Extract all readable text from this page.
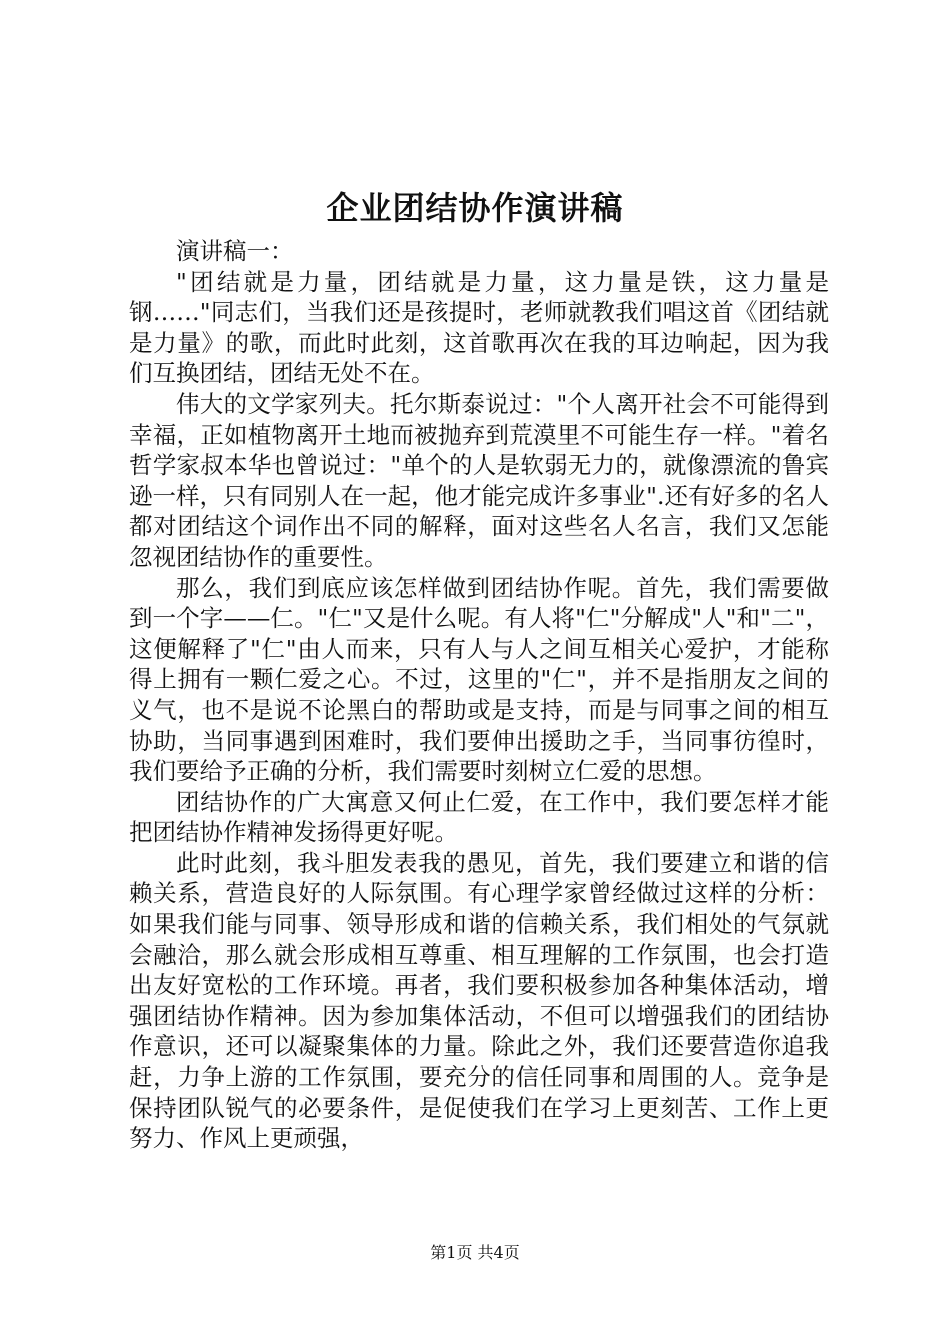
企业团结协作演讲稿

演讲稿一：

"团结就是力量，团结就是力量，这力量是铁，这力量是钢……"同志们，当我们还是孩提时，老师就教我们唱这首《团结就是力量》的歌，而此时此刻，这首歌再次在我的耳边响起，因为我们互换团结，团结无处不在。

伟大的文学家列夫。托尔斯泰说过："个人离开社会不可能得到幸福，正如植物离开土地而被抛弃到荒漠里不可能生存一样。"着名哲学家叔本华也曾说过："单个的人是软弱无力的，就像漂流的鲁宾逊一样，只有同别人在一起，他才能完成许多事业".还有好多的名人都对团结这个词作出不同的解释，面对这些名人名言，我们又怎能忽视团结协作的重要性。

那么，我们到底应该怎样做到团结协作呢。首先，我们需要做到一个字——仁。"仁"又是什么呢。有人将"仁"分解成"人"和"二"，这便解释了"仁"由人而来，只有人与人之间互相关心爱护，才能称得上拥有一颗仁爱之心。不过，这里的"仁"，并不是指朋友之间的义气，也不是说不论黑白的帮助或是支持，而是与同事之间的相互协助，当同事遇到困难时，我们要伸出援助之手，当同事彷徨时，我们要给予正确的分析，我们需要时刻树立仁爱的思想。

团结协作的广大寓意又何止仁爱，在工作中，我们要怎样才能把团结协作精神发扬得更好呢。

此时此刻，我斗胆发表我的愚见，首先，我们要建立和谐的信赖关系，营造良好的人际氛围。有心理学家曾经做过这样的分析：如果我们能与同事、领导形成和谐的信赖关系，我们相处的气氛就会融洽，那么就会形成相互尊重、相互理解的工作氛围，也会打造出友好宽松的工作环境。再者，我们要积极参加各种集体活动，增强团结协作精神。因为参加集体活动，不但可以增强我们的团结协作意识，还可以凝聚集体的力量。除此之外，我们还要营造你追我赶，力争上游的工作氛围，要充分的信任同事和周围的人。竞争是保持团队锐气的必要条件，是促使我们在学习上更刻苦、工作上更努力、作风上更顽强，

第1页 共4页
